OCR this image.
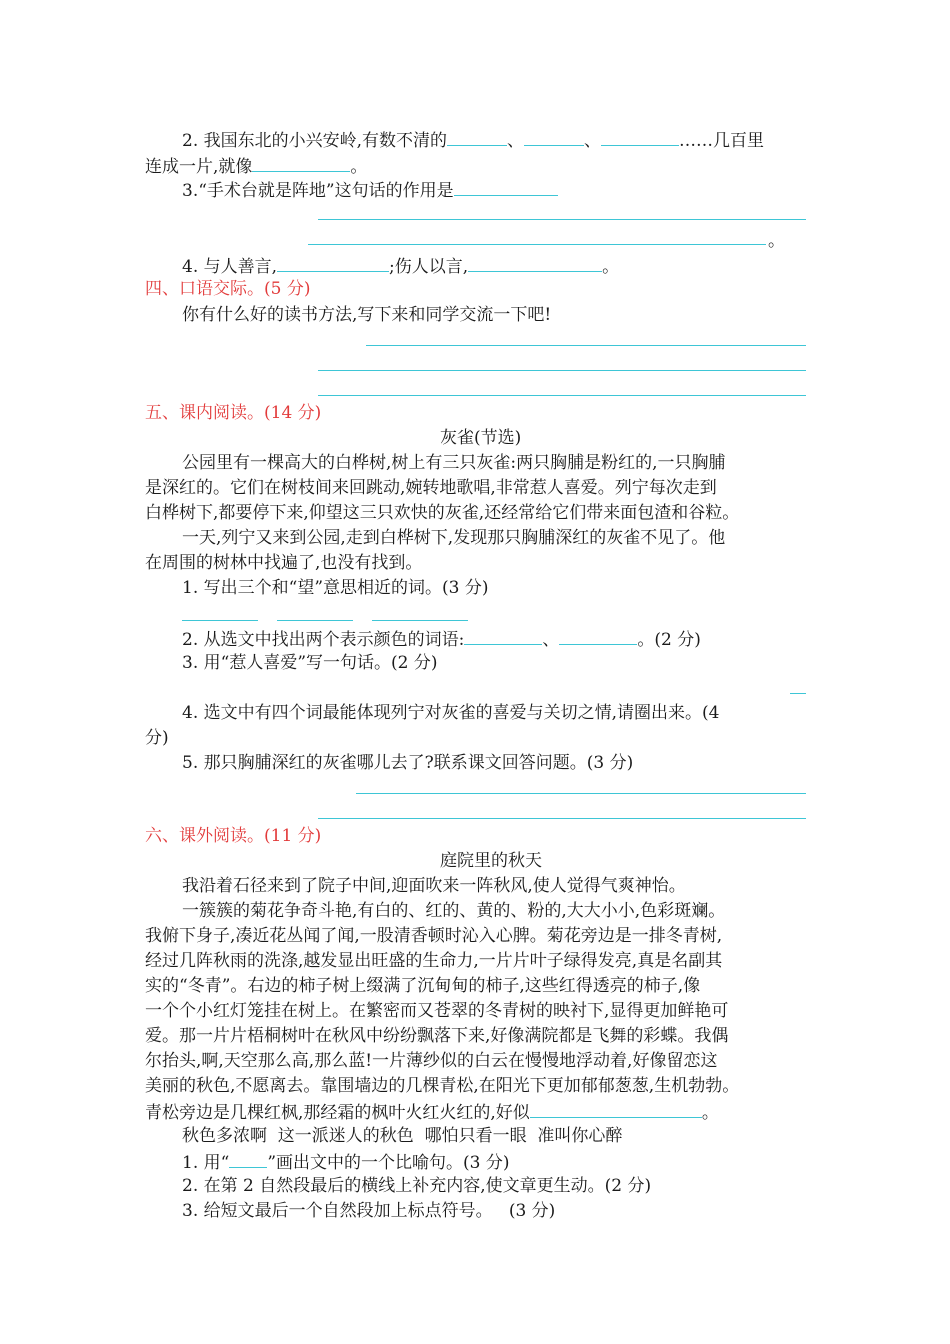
2. 我国东北的小兴安岭,有数不清的	、	、	……几百里
连成一片,就像	。
3.“手术台就是阵地”这句话的作用是
。
4. 与人善言,	;伤人以言,	。
四、口语交际。(5 分)
你有什么好的读书方法,写下来和同学交流一下吧!
五、课内阅读。(14 分)
灰雀(节选)
公园里有一棵高大的白桦树,树上有三只灰雀:两只胸脯是粉红的,一只胸脯
是深红的。它们在树枝间来回跳动,婉转地歌唱,非常惹人喜爱。列宁每次走到
白桦树下,都要停下来,仰望这三只欢快的灰雀,还经常给它们带来面包渣和谷粒。
一天,列宁又来到公园,走到白桦树下,发现那只胸脯深红的灰雀不见了。他
在周围的树林中找遍了,也没有找到。
1. 写出三个和“望”意思相近的词。(3 分)
2. 从选文中找出两个表示颜色的词语:	、	。(2 分)
3. 用“惹人喜爱”写一句话。(2 分)
4. 选文中有四个词最能体现列宁对灰雀的喜爱与关切之情,请圈出来。(4
分)
5. 那只胸脯深红的灰雀哪儿去了?联系课文回答问题。(3 分)
六、课外阅读。(11 分)
庭院里的秋天
我沿着石径来到了院子中间,迎面吹来一阵秋风,使人觉得气爽神怡。
一簇簇的菊花争奇斗艳,有白的、红的、黄的、粉的,大大小小,色彩斑斓。
我俯下身子,凑近花丛闻了闻,一股清香顿时沁入心脾。菊花旁边是一排冬青树,
经过几阵秋雨的洗涤,越发显出旺盛的生命力,一片片叶子绿得发亮,真是名副其
实的“冬青”。右边的柿子树上缀满了沉甸甸的柿子,这些红得透亮的柿子,像
一个个小红灯笼挂在树上。在繁密而又苍翠的冬青树的映衬下,显得更加鲜艳可
爱。那一片片梧桐树叶在秋风中纷纷飘落下来,好像满院都是飞舞的彩蝶。我偶
尔抬头,啊,天空那么高,那么蓝!一片薄纱似的白云在慢慢地浮动着,好像留恋这
美丽的秋色,不愿离去。靠围墙边的几棵青松,在阳光下更加郁郁葱葱,生机勃勃。
青松旁边是几棵红枫,那经霜的枫叶火红火红的,好似	。
秋色多浓啊  这一派迷人的秋色  哪怕只看一眼  准叫你心醉
1. 用“ ”画出文中的一个比喻句。(3 分)
2. 在第 2 自然段最后的横线上补充内容,使文章更生动。(2 分)
3. 给短文最后一个自然段加上标点符号。   (3 分)
